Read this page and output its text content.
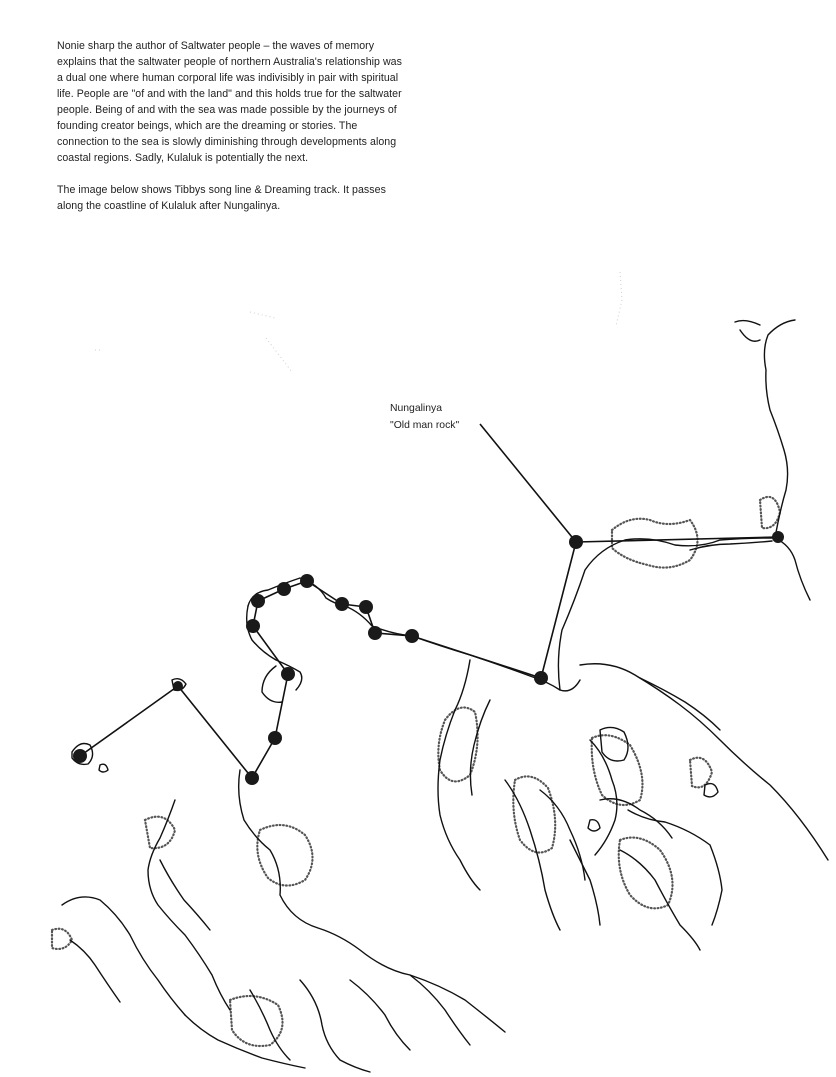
Nonie sharp the author of Saltwater people – the waves of memory explains that the saltwater people of northern Australia's relationship was a dual one where human corporal life was indivisibly in pair with spiritual life. People are "of and with the land" and this holds true for the saltwater people. Being of and with the sea was made possible by the journeys of founding creator beings, which are the dreaming or stories. The connection to the sea is slowly diminishing through developments along coastal regions. Sadly, Kulaluk is potentially the next.

The image below shows Tibbys song line & Dreaming track. It passes along the coastline of Kulaluk after Nungalinya.

Nungalinya
"Old man rock"
